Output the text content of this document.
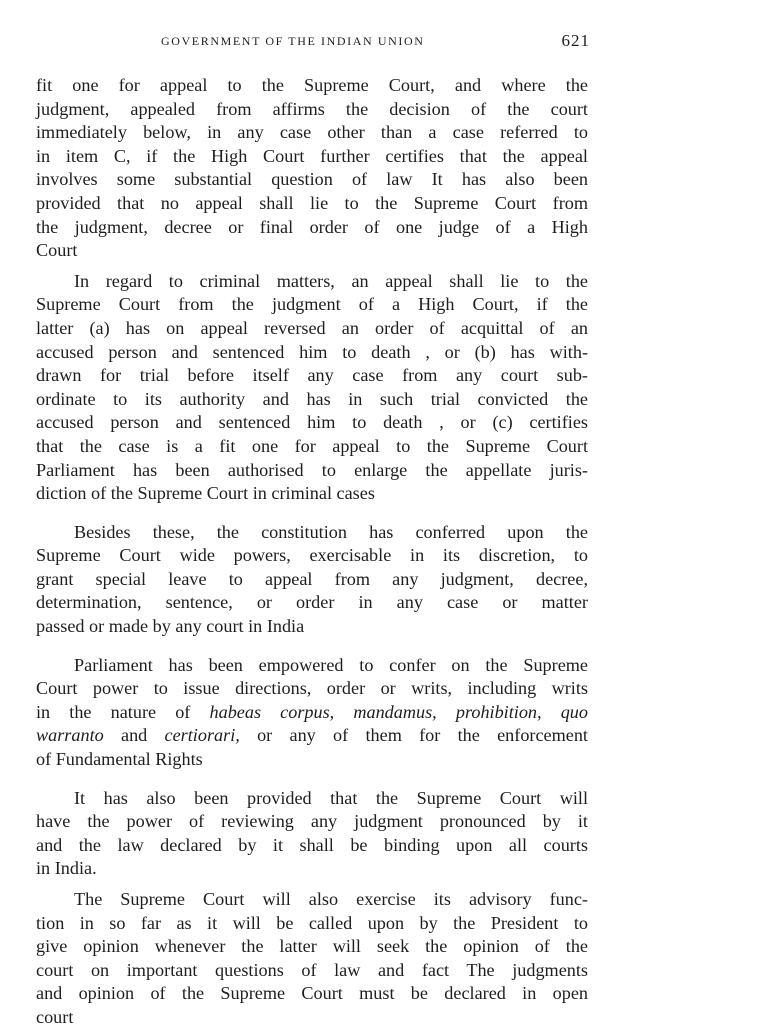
GOVERNMENT OF THE INDIAN UNION	621
fit one for appeal to the Supreme Court, and where the
judgment, appealed from affirms the decision of the court
immediately below, in any case other than a case referred to
in item C, if the High Court further certifies that the appeal
involves some substantial question of law It has also been
provided that no appeal shall lie to the Supreme Court from
the judgment, decree or final order of one judge of a High
Court
In regard to criminal matters, an appeal shall lie to the
Supreme Court from the judgment of a High Court, if the
latter (a) has on appeal reversed an order of acquittal of an
accused person and sentenced him to death , or (b) has with-
drawn for trial before itself any case from any court sub-
ordinate to its authority and has in such trial convicted the
accused person and sentenced him to death , or (c) certifies
that the case is a fit one for appeal to the Supreme Court
Parliament has been authorised to enlarge the appellate juris-
diction of the Supreme Court in criminal cases
Besides these, the constitution has conferred upon the
Supreme Court wide powers, exercisable in its discretion, to
grant special leave to appeal from any judgment, decree,
determination, sentence, or order in any case or matter
passed or made by any court in India
Parliament has been empowered to confer on the Supreme
Court power to issue directions, order or writs, including writs
in the nature of habeas corpus, mandamus, prohibition, quo
warranto and certiorari, or any of them for the enforcement
of Fundamental Rights
It has also been provided that the Supreme Court will
have the power of reviewing any judgment pronounced by it
and the law declared by it shall be binding upon all courts
in India.
The Supreme Court will also exercise its advisory func-
tion in so far as it will be called upon by the President to
give opinion whenever the latter will seek the opinion of the
court on important questions of law and fact The judgments
and opinion of the Supreme Court must be declared in open
court
